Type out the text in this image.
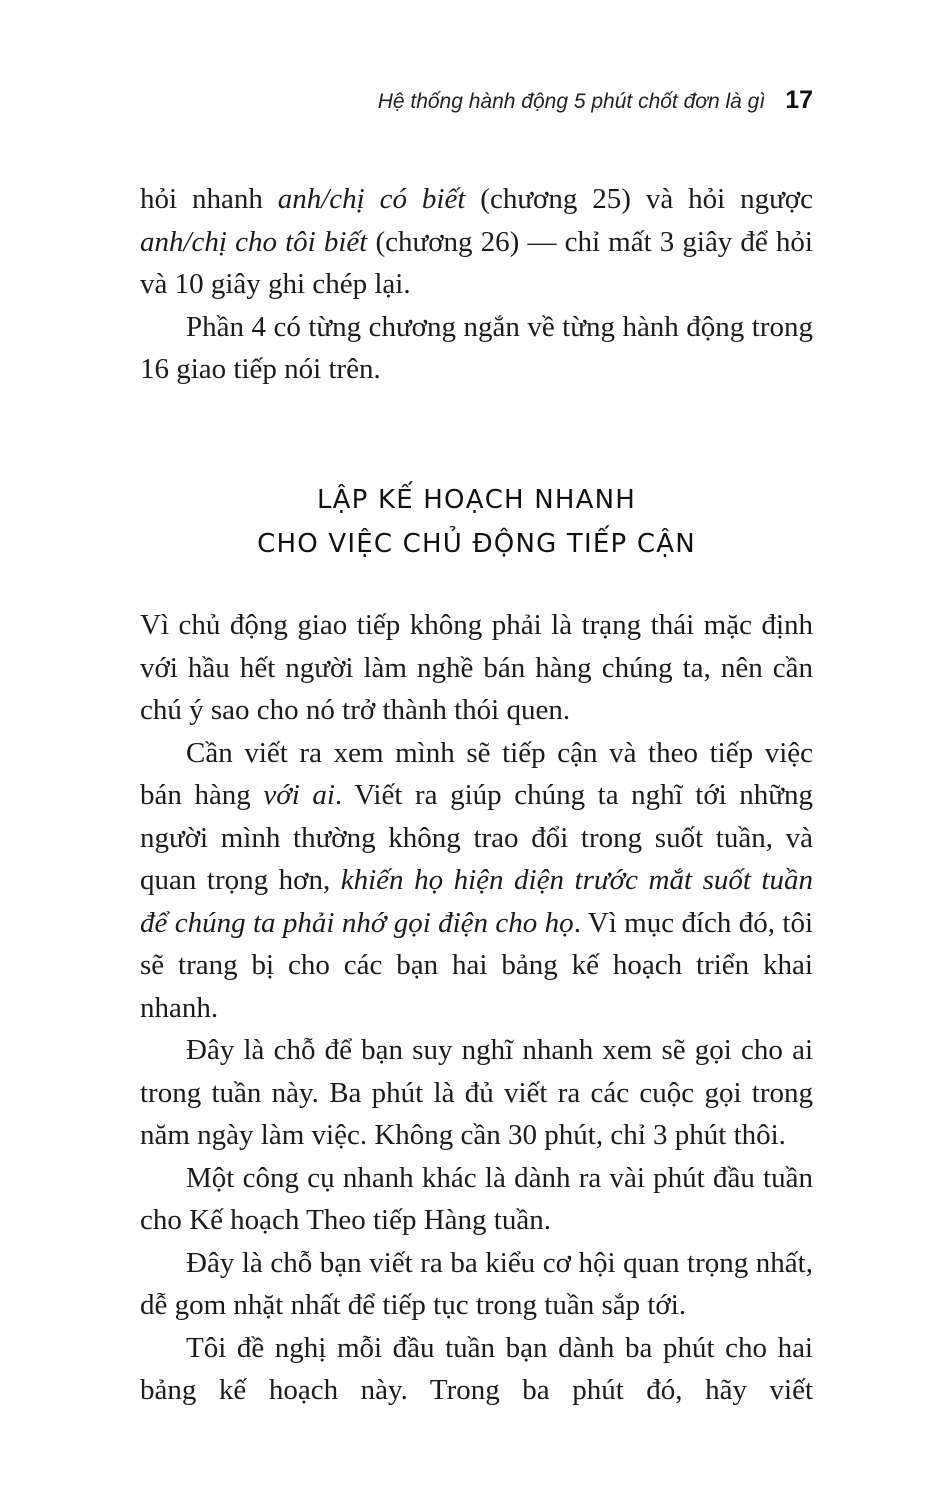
Hệ thống hành động 5 phút chốt đơn là gì 17

hỏi nhanh anh/chị có biết (chương 25) và hỏi ngược anh/chị cho tôi biết (chương 26) — chỉ mất 3 giây để hỏi và 10 giây ghi chép lại.

Phần 4 có từng chương ngắn về từng hành động trong 16 giao tiếp nói trên.

LẬP KẾ HOẠCH NHANH
CHO VIỆC CHỦ ĐỘNG TIẾP CẬN

Vì chủ động giao tiếp không phải là trạng thái mặc định với hầu hết người làm nghề bán hàng chúng ta, nên cần chú ý sao cho nó trở thành thói quen.

Cần viết ra xem mình sẽ tiếp cận và theo tiếp việc bán hàng với ai. Viết ra giúp chúng ta nghĩ tới những người mình thường không trao đổi trong suốt tuần, và quan trọng hơn, khiến họ hiện diện trước mắt suốt tuần để chúng ta phải nhớ gọi điện cho họ. Vì mục đích đó, tôi sẽ trang bị cho các bạn hai bảng kế hoạch triển khai nhanh.

Đây là chỗ để bạn suy nghĩ nhanh xem sẽ gọi cho ai trong tuần này. Ba phút là đủ viết ra các cuộc gọi trong năm ngày làm việc. Không cần 30 phút, chỉ 3 phút thôi.

Một công cụ nhanh khác là dành ra vài phút đầu tuần cho Kế hoạch Theo tiếp Hàng tuần.

Đây là chỗ bạn viết ra ba kiểu cơ hội quan trọng nhất, dễ gom nhặt nhất để tiếp tục trong tuần sắp tới.

Tôi đề nghị mỗi đầu tuần bạn dành ba phút cho hai bảng kế hoạch này. Trong ba phút đó, hãy viết
